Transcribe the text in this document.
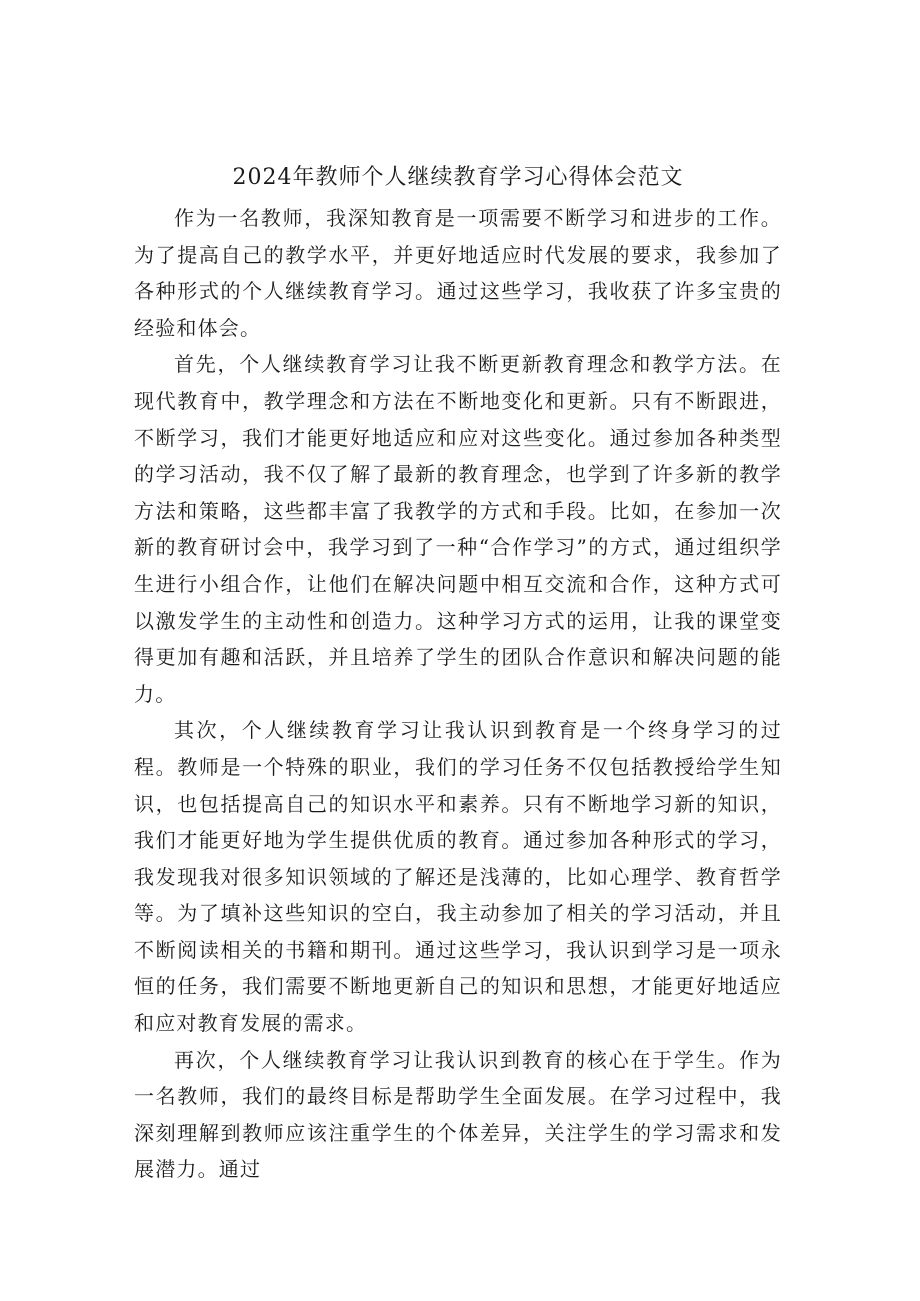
2024年教师个人继续教育学习心得体会范文

作为一名教师，我深知教育是一项需要不断学习和进步的工作。为了提高自己的教学水平，并更好地适应时代发展的要求，我参加了各种形式的个人继续教育学习。通过这些学习，我收获了许多宝贵的经验和体会。

首先，个人继续教育学习让我不断更新教育理念和教学方法。在现代教育中，教学理念和方法在不断地变化和更新。只有不断跟进，不断学习，我们才能更好地适应和应对这些变化。通过参加各种类型的学习活动，我不仅了解了最新的教育理念，也学到了许多新的教学方法和策略，这些都丰富了我教学的方式和手段。比如，在参加一次新的教育研讨会中，我学习到了一种“合作学习”的方式，通过组织学生进行小组合作，让他们在解决问题中相互交流和合作，这种方式可以激发学生的主动性和创造力。这种学习方式的运用，让我的课堂变得更加有趣和活跃，并且培养了学生的团队合作意识和解决问题的能力。

其次，个人继续教育学习让我认识到教育是一个终身学习的过程。教师是一个特殊的职业，我们的学习任务不仅包括教授给学生知识，也包括提高自己的知识水平和素养。只有不断地学习新的知识，我们才能更好地为学生提供优质的教育。通过参加各种形式的学习，我发现我对很多知识领域的了解还是浅薄的，比如心理学、教育哲学等。为了填补这些知识的空白，我主动参加了相关的学习活动，并且不断阅读相关的书籍和期刊。通过这些学习，我认识到学习是一项永恒的任务，我们需要不断地更新自己的知识和思想，才能更好地适应和应对教育发展的需求。

再次，个人继续教育学习让我认识到教育的核心在于学生。作为一名教师，我们的最终目标是帮助学生全面发展。在学习过程中，我深刻理解到教师应该注重学生的个体差异，关注学生的学习需求和发展潜力。通过
